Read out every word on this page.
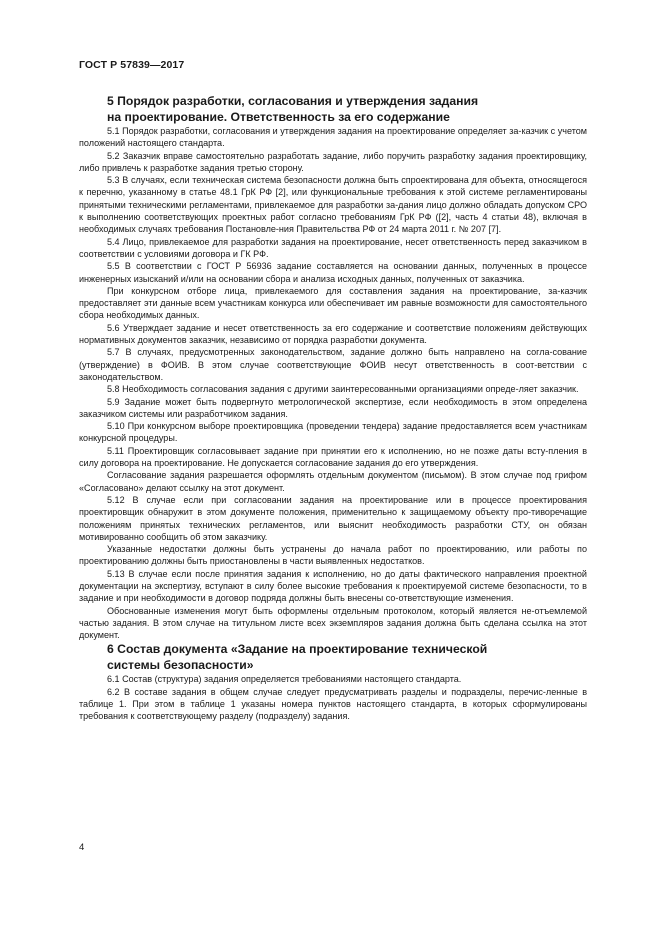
ГОСТ Р 57839—2017
5 Порядок разработки, согласования и утверждения задания
на проектирование. Ответственность за его содержание

5.1 Порядок разработки, согласования и утверждения задания на проектирование определяет за-казчик с учетом положений настоящего стандарта.

5.2 Заказчик вправе самостоятельно разработать задание, либо поручить разработку задания проектировщику, либо привлечь к разработке задания третью сторону.

5.3 В случаях, если техническая система безопасности должна быть спроектирована для объекта, относящегося к перечню, указанному в статье 48.1 ГрК РФ [2], или функциональные требования к этой системе регламентированы принятыми техническими регламентами, привлекаемое для разработки за-дания лицо должно обладать допуском СРО к выполнению соответствующих проектных работ согласно требованиям ГрК РФ ([2], часть 4 статьи 48), включая в необходимых случаях требования Постановле-ния Правительства РФ от 24 марта 2011 г. № 207 [7].

5.4 Лицо, привлекаемое для разработки задания на проектирование, несет ответственность перед заказчиком в соответствии с условиями договора и ГК РФ.

5.5 В соответствии с ГОСТ Р 56936 задание составляется на основании данных, полученных в процессе инженерных изысканий и/или на основании сбора и анализа исходных данных, полученных от заказчика.

При конкурсном отборе лица, привлекаемого для составления задания на проектирование, за-казчик предоставляет эти данные всем участникам конкурса или обеспечивает им равные возможности для самостоятельного сбора необходимых данных.

5.6 Утверждает задание и несет ответственность за его содержание и соответствие положениям действующих нормативных документов заказчик, независимо от порядка разработки документа.

5.7 В случаях, предусмотренных законодательством, задание должно быть направлено на согла-сование (утверждение) в ФОИВ. В этом случае соответствующие ФОИВ несут ответственность в соот-ветствии с законодательством.

5.8 Необходимость согласования задания с другими заинтересованными организациями опреде-ляет заказчик.

5.9 Задание может быть подвергнуто метрологической экспертизе, если необходимость в этом определена заказчиком системы или разработчиком задания.

5.10 При конкурсном выборе проектировщика (проведении тендера) задание предоставляется всем участникам конкурсной процедуры.

5.11 Проектировщик согласовывает задание при принятии его к исполнению, но не позже даты всту-пления в силу договора на проектирование. Не допускается согласование задания до его утверждения.

Согласование задания разрешается оформлять отдельным документом (письмом). В этом случае под грифом «Согласовано» делают ссылку на этот документ.

5.12 В случае если при согласовании задания на проектирование или в процессе проектирования проектировщик обнаружит в этом документе положения, применительно к защищаемому объекту про-тиворечащие положениям принятых технических регламентов, или выяснит необходимость разработки СТУ, он обязан мотивированно сообщить об этом заказчику.

Указанные недостатки должны быть устранены до начала работ по проектированию, или работы по проектированию должны быть приостановлены в части выявленных недостатков.

5.13 В случае если после принятия задания к исполнению, но до даты фактического направления проектной документации на экспертизу, вступают в силу более высокие требования к проектируемой системе безопасности, то в задание и при необходимости в договор подряда должны быть внесены со-ответствующие изменения.

Обоснованные изменения могут быть оформлены отдельным протоколом, который является не-отъемлемой частью задания. В этом случае на титульном листе всех экземпляров задания должна быть сделана ссылка на этот документ.

6 Состав документа «Задание на проектирование технической
системы безопасности»

6.1 Состав (структура) задания определяется требованиями настоящего стандарта.

6.2 В составе задания в общем случае следует предусматривать разделы и подразделы, перечис-ленные в таблице 1. При этом в таблице 1 указаны номера пунктов настоящего стандарта, в которых сформулированы требования к соответствующему разделу (подразделу) задания.

4
